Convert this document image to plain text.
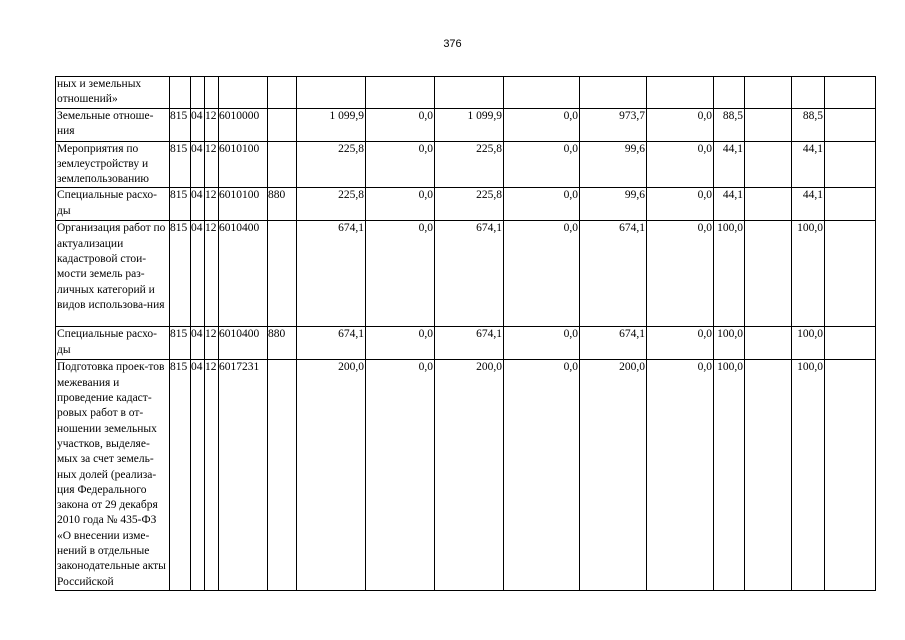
376
ных и земельных отношений»															
Земельные отноше-ния	815	04	12	6010000		1 099,9	0,0	1 099,9	0,0	973,7	0,0	88,5		88,5	
Мероприятия по землеустройству и землепользованию	815	04	12	6010100		225,8	0,0	225,8	0,0	99,6	0,0	44,1		44,1	
Специальные расхо-ды	815	04	12	6010100	880	225,8	0,0	225,8	0,0	99,6	0,0	44,1		44,1	
Организация работ по актуализации кадастровой стои-мости земель раз-личных категорий и видов использова-ния	815	04	12	6010400		674,1	0,0	674,1	0,0	674,1	0,0	100,0		100,0	
Специальные расхо-ды	815	04	12	6010400	880	674,1	0,0	674,1	0,0	674,1	0,0	100,0		100,0	
Подготовка проек-тов межевания и проведение кадаст-ровых работ в от-ношении земельных участков, выделяе-мых за счет земель-ных долей (реализа-ция Федерального закона от 29 декабря 2010 года № 435-ФЗ «О внесении изме-нений в отдельные законодательные акты Российской	815	04	12	6017231		200,0	0,0	200,0	0,0	200,0	0,0	100,0		100,0	
